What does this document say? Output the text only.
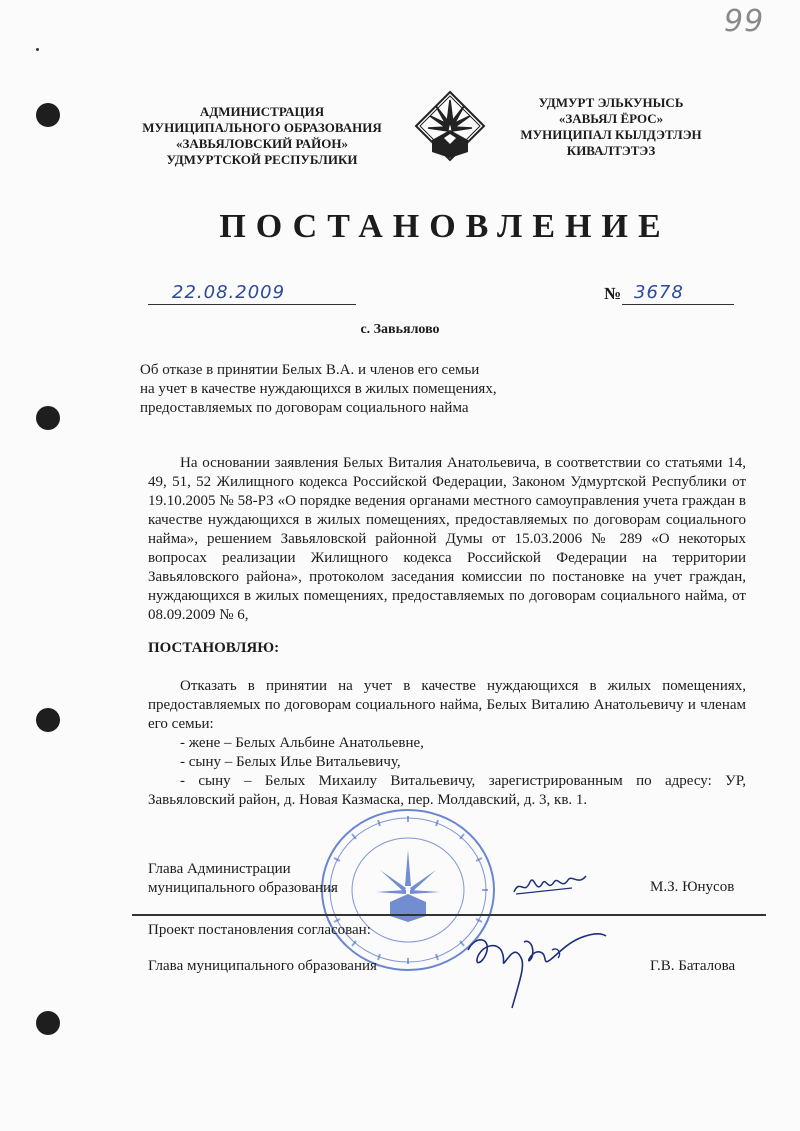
99
АДМИНИСТРАЦИЯ
МУНИЦИПАЛЬНОГО ОБРАЗОВАНИЯ
«ЗАВЬЯЛОВСКИЙ РАЙОН»
УДМУРТСКОЙ РЕСПУБЛИКИ
УДМУРТ ЭЛЬКУНЫСЬ
«ЗАВЬЯЛ ЁРОС»
МУНИЦИПАЛ КЫЛДЭТЛЭН
КИВАЛТЭТЭЗ
ПОСТАНОВЛЕНИЕ
22.08.2009	№ 3678
с. Завьялово
Об отказе в принятии Белых В.А. и членов его семьи
на учет в качестве нуждающихся в жилых помещениях,
предоставляемых по договорам социального найма

На основании заявления Белых Виталия Анатольевича, в соответствии со статьями 14, 49, 51, 52 Жилищного кодекса Российской Федерации, Законом Удмуртской Республики от 19.10.2005 № 58-РЗ «О порядке ведения органами местного самоуправления учета граждан в качестве нуждающихся в жилых помещениях, предоставляемых по договорам социального найма», решением Завьяловской районной Думы от 15.03.2006 № 289 «О некоторых вопросах реализации Жилищного кодекса Российской Федерации на территории Завьяловского района», протоколом заседания комиссии по постановке на учет граждан, нуждающихся в жилых помещениях, предоставляемых по договорам социального найма, от 08.09.2009 № 6,

ПОСТАНОВЛЯЮ:

Отказать в принятии на учет в качестве нуждающихся в жилых помещениях, предоставляемых по договорам социального найма, Белых Виталию Анатольевичу и членам его семьи:

- жене – Белых Альбине Анатольевне,
- сыну – Белых Илье Витальевичу,

- сыну – Белых Михаилу Витальевичу, зарегистрированным по адресу: УР, Завьяловский район, д. Новая Казмаска, пер. Молдавский, д. 3, кв. 1.

Глава Администрации
муниципального образования	М.З. Юнусов
Проект постановления согласован:
Глава муниципального образования	Г.В. Баталова
